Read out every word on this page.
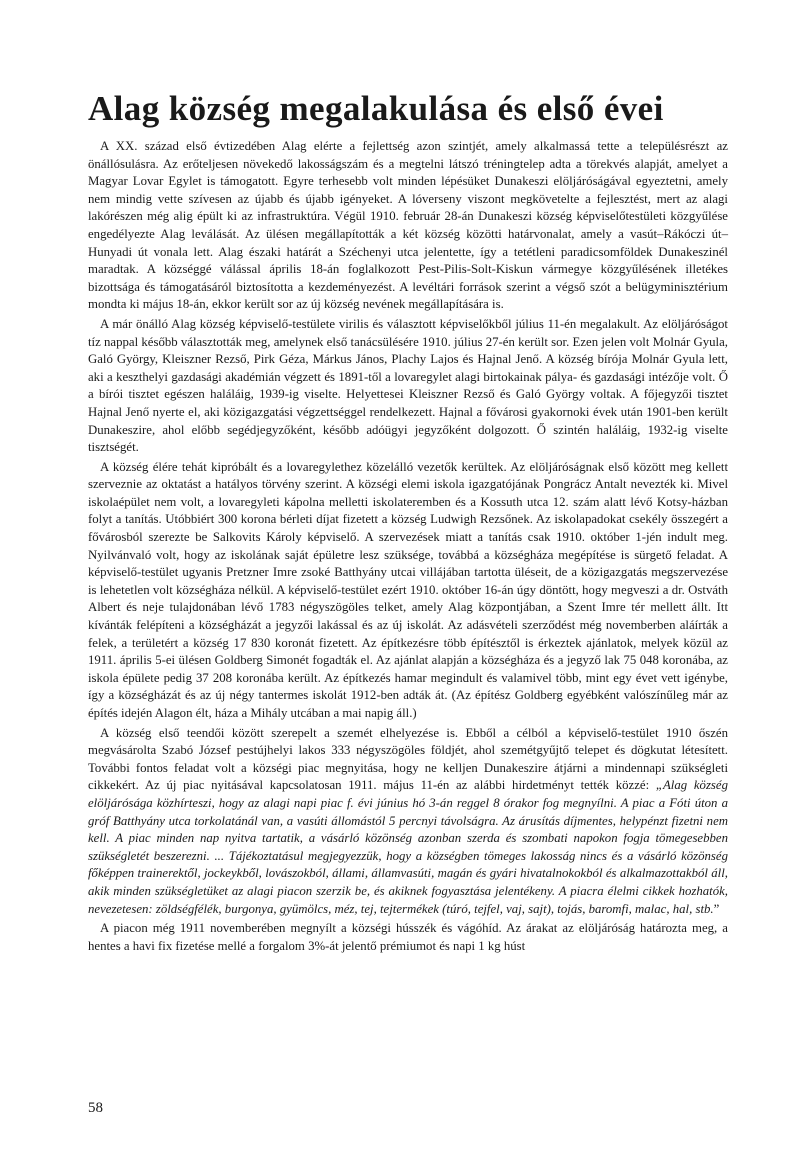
Alag község megalakulása és első évei

A XX. század első évtizedében Alag elérte a fejlettség azon szintjét, amely alkalmassá tette a településrészt az önállósulásra. Az erőteljesen növekedő lakosságszám és a megtelni látszó tréningtelep adta a törekvés alapját, amelyet a Magyar Lovar Egylet is támogatott. Egyre terhesebb volt minden lépésüket Dunakeszi elöljáróságával egyeztetni, amely nem mindig vette szívesen az újabb és újabb igényeket. A lóverseny viszont megkövetelte a fejlesztést, mert az alagi lakórészen még alig épült ki az infrastruktúra. Végül 1910. február 28-án Dunakeszi község képviselőtestületi közgyűlése engedélyezte Alag leválását. Az ülésen megállapították a két község közötti határvonalat, amely a vasút–Rákóczi út–Hunyadi út vonala lett. Alag északi határát a Széchenyi utca jelentette, így a tetétleni paradicsomföldek Dunakeszinél maradtak. A községgé válással április 18-án foglalkozott Pest-Pilis-Solt-Kiskun vármegye közgyűlésének illetékes bizottsága és támogatásáról biztosította a kezdeményezést. A levéltári források szerint a végső szót a belügyminisztérium mondta ki május 18-án, ekkor került sor az új község nevének megállapítására is.

A már önálló Alag község képviselő-testülete virilis és választott képviselőkből július 11-én megalakult. Az elöljáróságot tíz nappal később választották meg, amelynek első tanácsülésére 1910. július 27-én került sor. Ezen jelen volt Molnár Gyula, Galó György, Kleiszner Rezső, Pirk Géza, Márkus János, Plachy Lajos és Hajnal Jenő. A község bírója Molnár Gyula lett, aki a keszthelyi gazdasági akadémián végzett és 1891-től a lovaregylet alagi birtokainak pálya- és gazdasági intézője volt. Ő a bírói tisztet egészen haláláig, 1939-ig viselte. Helyettesei Kleiszner Rezső és Galó György voltak. A főjegyzői tisztet Hajnal Jenő nyerte el, aki közigazgatási végzettséggel rendelkezett. Hajnal a fővárosi gyakornoki évek után 1901-ben került Dunakeszire, ahol előbb segédjegyzőként, később adóügyi jegyzőként dolgozott. Ő szintén haláláig, 1932-ig viselte tisztségét.

A község élére tehát kipróbált és a lovaregylethez közelálló vezetők kerültek. Az elöljáróságnak első között meg kellett szerveznie az oktatást a hatályos törvény szerint. A községi elemi iskola igazgatójának Pongrácz Antalt nevezték ki. Mivel iskolaépület nem volt, a lovaregyleti kápolna melletti iskolateremben és a Kossuth utca 12. szám alatt lévő Kotsy-házban folyt a tanítás. Utóbbiért 300 korona bérleti díjat fizetett a község Ludwigh Rezsőnek. Az iskolapadokat csekély összegért a fővárosból szerezte be Salkovits Károly képviselő. A szervezések miatt a tanítás csak 1910. október 1-jén indult meg. Nyilvánvaló volt, hogy az iskolának saját épületre lesz szüksége, továbbá a községháza megépítése is sürgető feladat. A képviselő-testület ugyanis Pretzner Imre zsoké Batthyány utcai villájában tartotta üléseit, de a közigazgatás megszervezése is lehetetlen volt községháza nélkül. A képviselő-testület ezért 1910. október 16-án úgy döntött, hogy megveszi a dr. Ostváth Albert és neje tulajdonában lévő 1783 négyszögöles telket, amely Alag központjában, a Szent Imre tér mellett állt. Itt kívánták felépíteni a községházát a jegyzői lakással és az új iskolát. Az adásvételi szerződést még novemberben aláírták a felek, a területért a község 17 830 koronát fizetett. Az építkezésre több építésztől is érkeztek ajánlatok, melyek közül az 1911. április 5-ei ülésen Goldberg Simonét fogadták el. Az ajánlat alapján a községháza és a jegyző lak 75 048 koronába, az iskola épülete pedig 37 208 koronába került. Az építkezés hamar megindult és valamivel több, mint egy évet vett igénybe, így a községházát és az új négy tantermes iskolát 1912-ben adták át. (Az építész Goldberg egyébként valószínűleg már az építés idején Alagon élt, háza a Mihály utcában a mai napig áll.)

A község első teendői között szerepelt a szemét elhelyezése is. Ebből a célból a képviselő-testület 1910 őszén megvásárolta Szabó József pestújhelyi lakos 333 négyszögöles földjét, ahol szemétgyűjtő telepet és dögkutat létesített. További fontos feladat volt a községi piac megnyitása, hogy ne kelljen Dunakeszire átjárni a mindennapi szükségleti cikkekért. Az új piac nyitásával kapcsolatosan 1911. május 11-én az alábbi hirdetményt tették közzé: „Alag község elöljárósága közhírteszi, hogy az alagi napi piac f. évi június hó 3-án reggel 8 órakor fog megnyílni. A piac a Fóti úton a gróf Batthyány utca torkolatánál van, a vasúti állomástól 5 percnyi távolságra. Az árusítás díjmentes, helypénzt fizetni nem kell. A piac minden nap nyitva tartatik, a vásárló közönség azonban szerda és szombati napokon fogja tömegesebben szükségletét beszerezni. ... Tájékoztatásul megjegyezzük, hogy a községben tömeges lakosság nincs és a vásárló közönség főképpen trainerektől, jockeykből, lovászokból, állami, államvasúti, magán és gyári hivatalnokokból és alkalmazottakból áll, akik minden szükségletüket az alagi piacon szerzik be, és akiknek fogyasztása jelentékeny. A piacra élelmi cikkek hozhatók, nevezetesen: zöldségfélék, burgonya, gyümölcs, méz, tej, tejtermékek (túró, tejfel, vaj, sajt), tojás, baromfi, malac, hal, stb.”

A piacon még 1911 novemberében megnyílt a községi hússzék és vágóhíd. Az árakat az elöljáróság határozta meg, a hentes a havi fix fizetése mellé a forgalom 3%-át jelentő prémiumot és napi 1 kg húst

58
